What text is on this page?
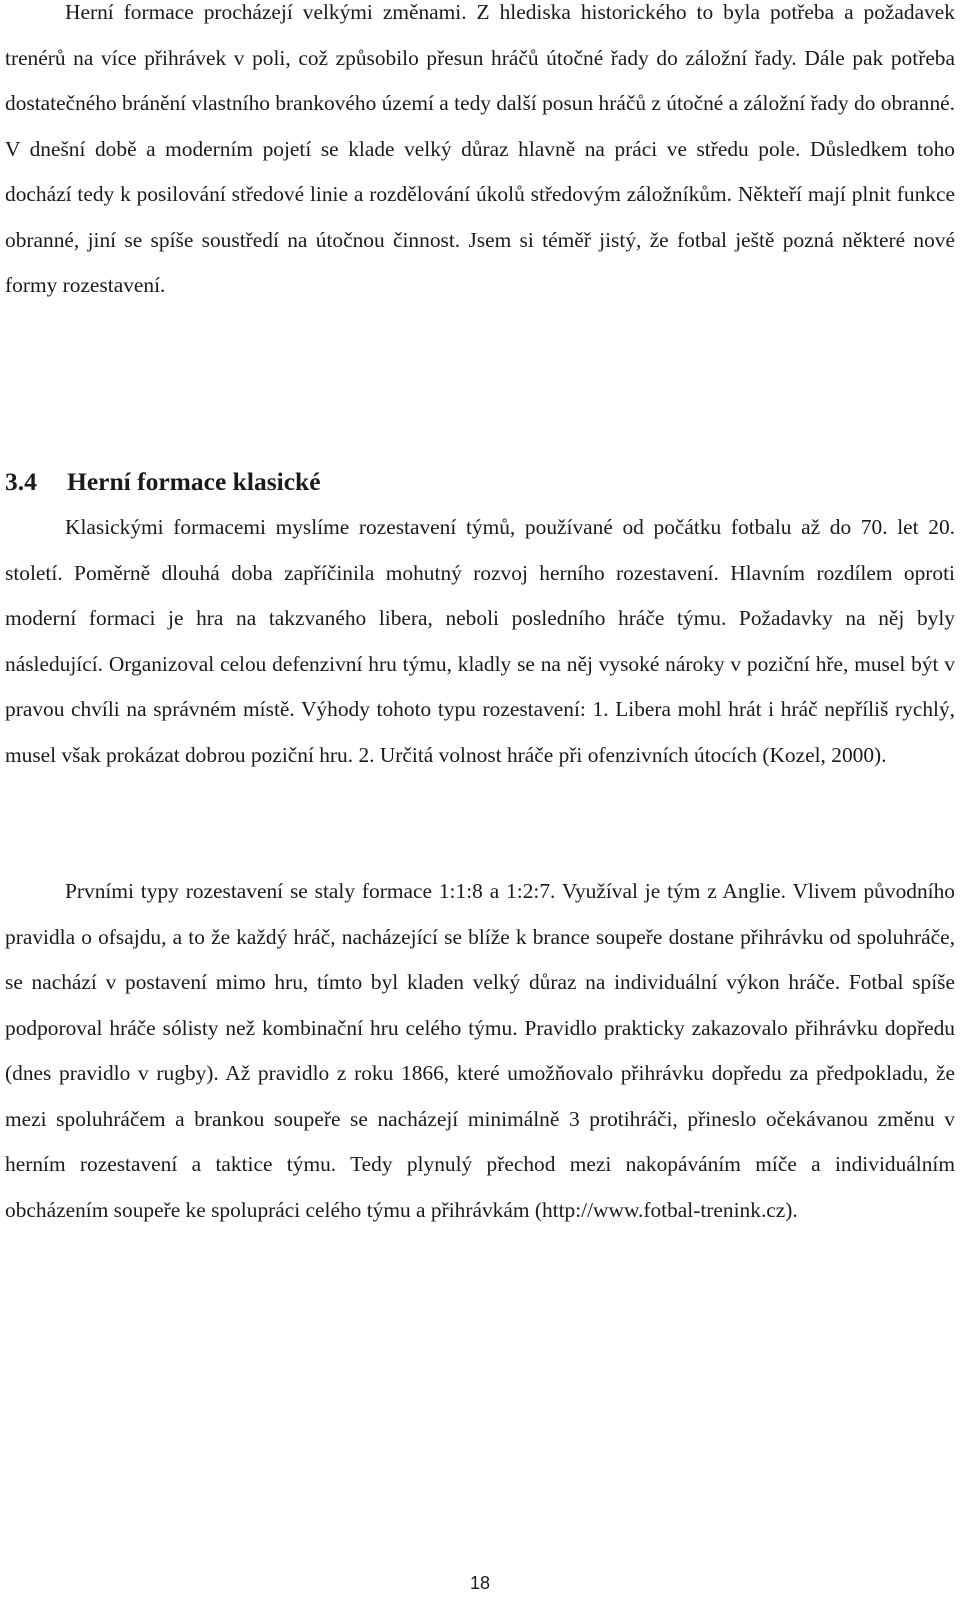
Herní formace procházejí velkými změnami. Z hlediska historického to byla potřeba a požadavek trenérů na více přihrávek v poli, což způsobilo přesun hráčů útočné řady do záložní řady. Dále pak potřeba dostatečného bránění vlastního brankového území a tedy další posun hráčů z útočné a záložní řady do obranné. V dnešní době a moderním pojetí se klade velký důraz hlavně na práci ve středu pole. Důsledkem toho dochází tedy k posilování středové linie a rozdělování úkolů středovým záložníkům. Někteří mají plnit funkce obranné, jiní se spíše soustředí na útočnou činnost. Jsem si téměř jistý, že fotbal ještě pozná některé nové formy rozestavení.

3.4 Herní formace klasické

Klasickými formacemi myslíme rozestavení týmů, používané od počátku fotbalu až do 70. let 20. století. Poměrně dlouhá doba zapříčinila mohutný rozvoj herního rozestavení. Hlavním rozdílem oproti moderní formaci je hra na takzvaného libera, neboli posledního hráče týmu. Požadavky na něj byly následující. Organizoval celou defenzivní hru týmu, kladly se na něj vysoké nároky v poziční hře, musel být v pravou chvíli na správném místě. Výhody tohoto typu rozestavení: 1. Libera mohl hrát i hráč nepříliš rychlý, musel však prokázat dobrou poziční hru. 2. Určitá volnost hráče při ofenzivních útocích (Kozel, 2000).

Prvními typy rozestavení se staly formace 1:1:8 a 1:2:7. Využíval je tým z Anglie. Vlivem původního pravidla o ofsajdu, a to že každý hráč, nacházející se blíže k brance soupeře dostane přihrávku od spoluhráče, se nachází v postavení mimo hru, tímto byl kladen velký důraz na individuální výkon hráče. Fotbal spíše podporoval hráče sólisty než kombinační hru celého týmu. Pravidlo prakticky zakazovalo přihrávku dopředu (dnes pravidlo v rugby). Až pravidlo z roku 1866, které umožňovalo přihrávku dopředu za předpokladu, že mezi spoluhráčem a brankou soupeře se nacházejí minimálně 3 protihráči, přineslo očekávanou změnu v herním rozestavení a taktice týmu. Tedy plynulý přechod mezi nakopáváním míče a individuálním obcházením soupeře ke spolupráci celého týmu a přihrávkám (http://www.fotbal-trenink.cz).

18
